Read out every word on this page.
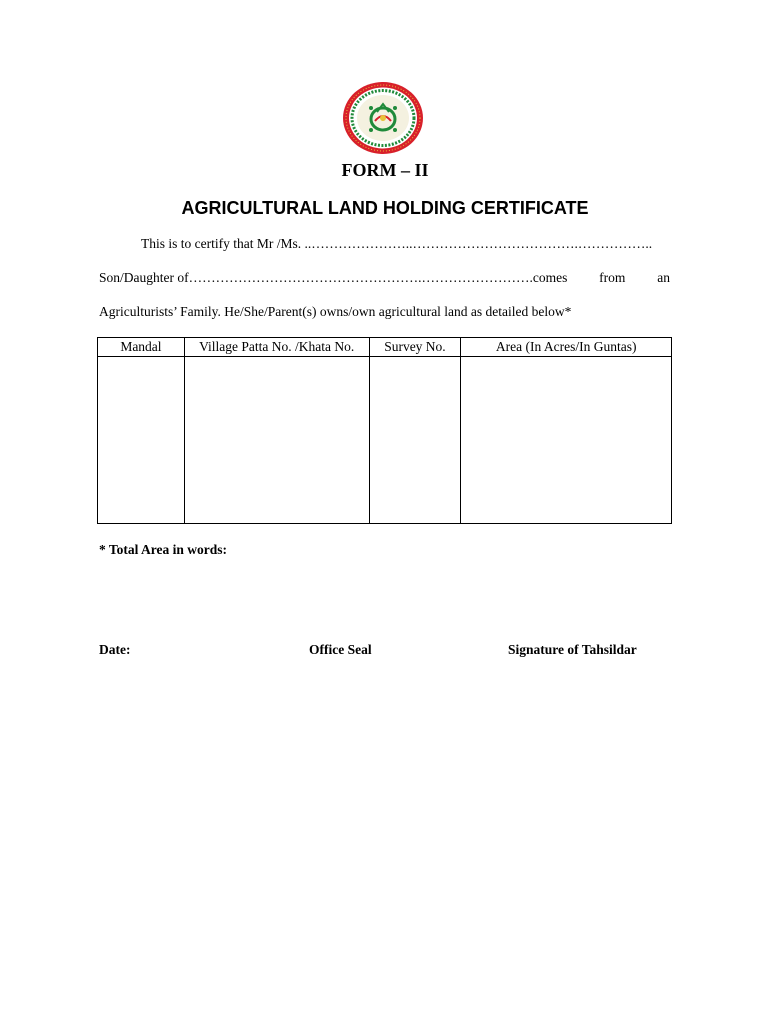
FORM – II
AGRICULTURAL LAND HOLDING CERTIFICATE
This is to certify that Mr /Ms. ..…………………..……………………………….……………..
Son/Daughter of…………………………………………….…………………….comes from an
Agriculturists’ Family. He/She/Parent(s) owns/own agricultural land as detailed below*
Mandal	Village Patta No. /Khata No.	Survey No.	Area (In Acres/In Guntas)

* Total Area in words:
Date:	Office Seal	Signature of Tahsildar
